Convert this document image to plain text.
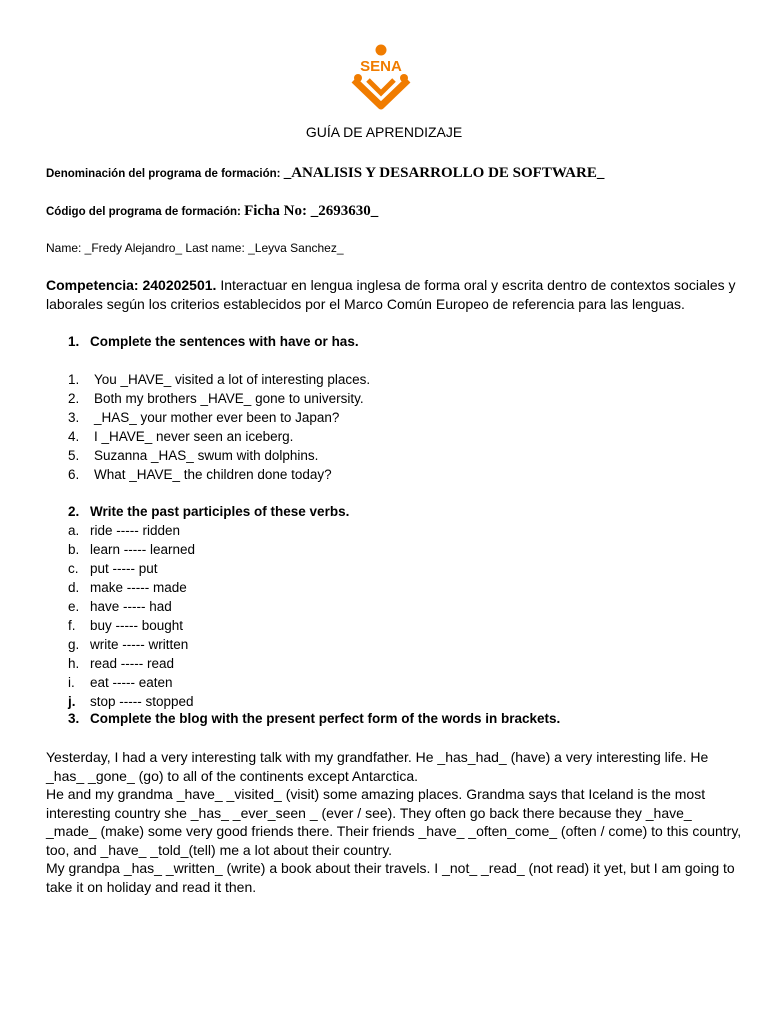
SENA
GUÍA DE APRENDIZAJE
Denominación del programa de formación: _ANALISIS Y DESARROLLO DE SOFTWARE_
Código del programa de formación: Ficha No: _2693630_
Name: _Fredy Alejandro_ Last name: _Leyva Sanchez_
Competencia: 240202501. Interactuar en lengua inglesa de forma oral y escrita dentro de contextos sociales y laborales según los criterios establecidos por el Marco Común Europeo de referencia para las lenguas.
1. Complete the sentences with have or has.
1. You _HAVE_ visited a lot of interesting places.
2. Both my brothers _HAVE_ gone to university.
3. _HAS_ your mother ever been to Japan?
4. I _HAVE_ never seen an iceberg.
5. Suzanna _HAS_ swum with dolphins.
6. What _HAVE_ the children done today?
2. Write the past participles of these verbs.
a. ride ----- ridden
b. learn ----- learned
c. put ----- put
d. make ----- made
e. have ----- had
f. buy ----- bought
g. write ----- written
h. read ----- read
i. eat ----- eaten
j. stop ----- stopped
3. Complete the blog with the present perfect form of the words in brackets.

Yesterday, I had a very interesting talk with my grandfather. He _has_had_ (have) a very interesting life. He _has_ _gone_ (go) to all of the continents except Antarctica.

He and my grandma _have_ _visited_ (visit) some amazing places. Grandma says that Iceland is the most interesting country she _has_ _ever_seen _ (ever / see). They often go back there because they _have_ _made_ (make) some very good friends there. Their friends _have_ _often_come_ (often / come) to this country, too, and _have_ _told_(tell) me a lot about their country.

My grandpa _has_ _written_ (write) a book about their travels. I _not_ _read_ (not read) it yet, but I am going to take it on holiday and read it then.
